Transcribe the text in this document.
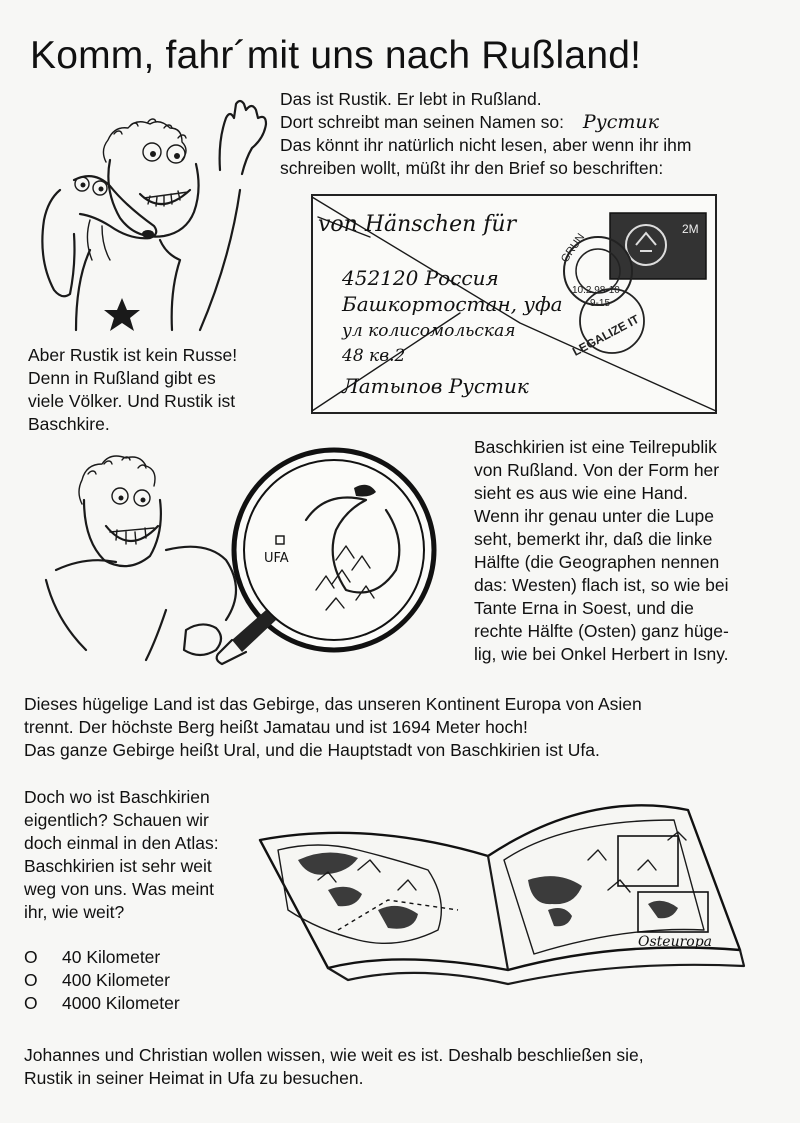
Komm, fahr´mit uns nach Rußland!
Das ist Rustik. Er lebt in Rußland.
Dort schreibt man seinen Namen so: Рустик
Das könnt ihr natürlich nicht lesen, aber wenn ihr ihm
schreiben wollt, müßt ihr den Brief so beschriften:
2M
GRUN
10.2.98-10
9-15
LEGALIZE IT
von Hänschen für
452120 Россия
Башкортостан, уфа
ул колисомольская
48 кв.2
Латыпов Рустик
Aber Rustik ist kein Russe!
Denn in Rußland gibt es
viele Völker. Und Rustik ist
Baschkire.
UFA
Baschkirien ist eine Teilrepublik
von Rußland. Von der Form her
sieht es aus wie eine Hand.
Wenn ihr genau unter die Lupe
seht, bemerkt ihr, daß die linke
Hälfte (die Geographen nennen
das: Westen) flach ist, so wie bei
Tante Erna in Soest, und die
rechte Hälfte (Osten) ganz hüge-
lig, wie bei Onkel Herbert in Isny.
Dieses hügelige Land ist das Gebirge, das unseren Kontinent Europa von Asien
trennt. Der höchste Berg heißt Jamatau und ist 1694 Meter hoch!
Das ganze Gebirge heißt Ural, und die Hauptstadt von Baschkirien ist Ufa.
Doch wo ist Baschkirien
eigentlich? Schauen wir
doch einmal in den Atlas:
Baschkirien ist sehr weit
weg von uns. Was meint
ihr, wie weit?
O	40 Kilometer
O	400 Kilometer
O	4000 Kilometer
Osteuropa
Johannes und Christian wollen wissen, wie weit es ist. Deshalb beschließen sie,
Rustik in seiner Heimat in Ufa zu besuchen.
